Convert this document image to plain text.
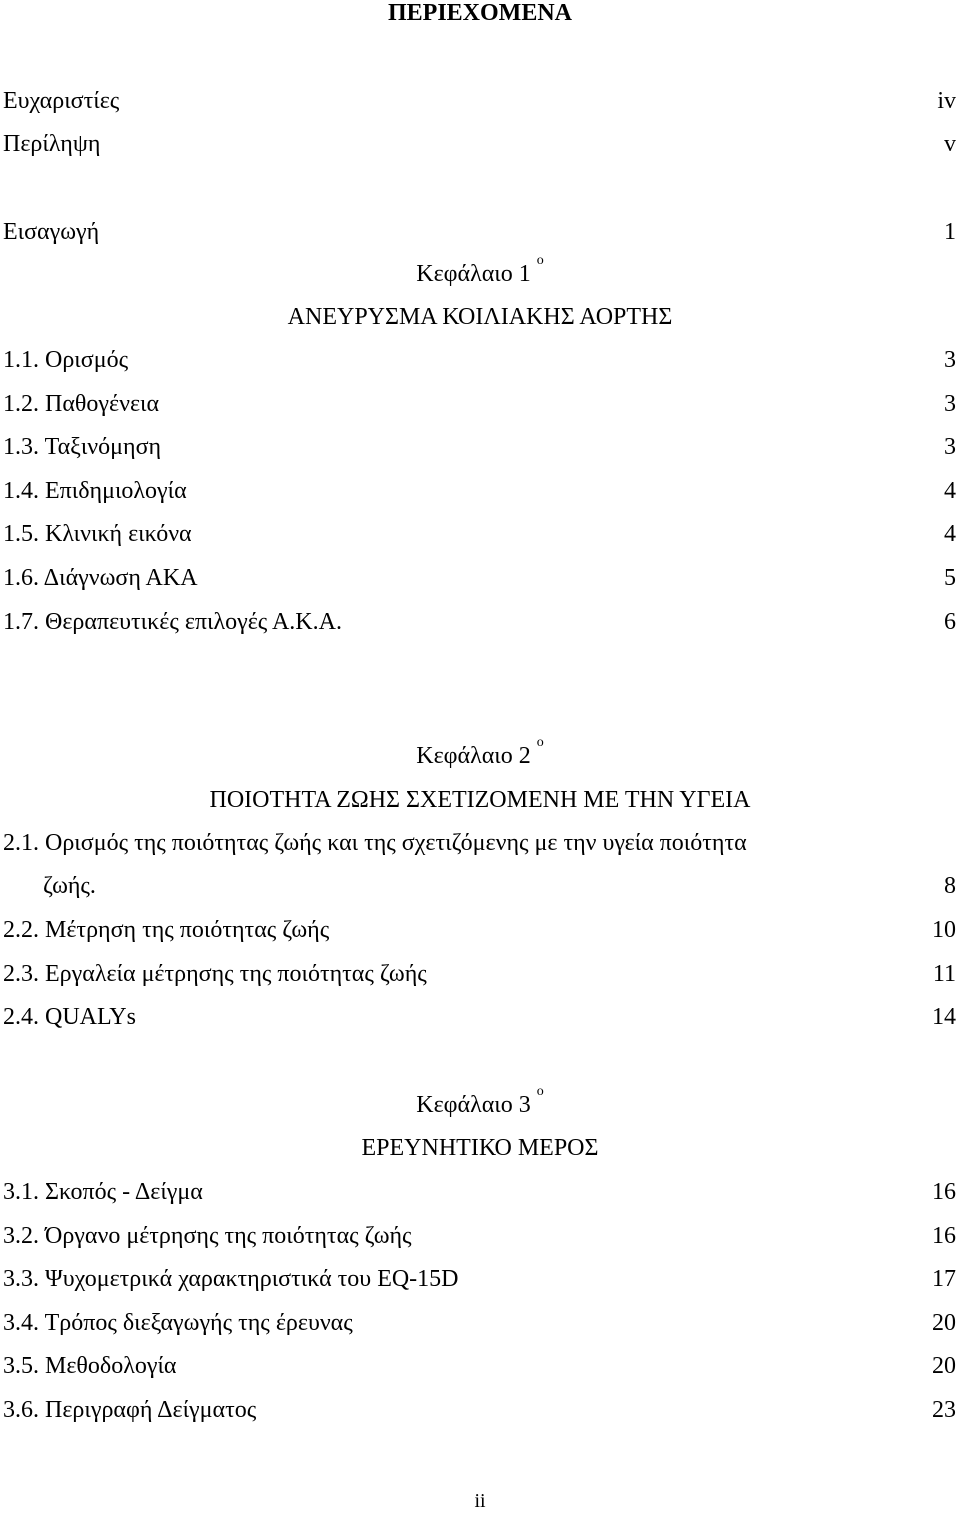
ΠΕΡΙΕΧΟΜΕΝΑ
Ευχαριστίες	iv
Περίληψη	v
Εισαγωγή	1
Κεφάλαιο 1 $^o$
ΑΝΕΥΡΥΣΜΑ ΚΟΙΛΙΑΚΗΣ ΑΟΡΤΗΣ
1.1. Ορισμός	3
1.2. Παθογένεια	3
1.3. Ταξινόμηση	3
1.4. Επιδημιολογία	4
1.5. Κλινική εικόνα	4
1.6. Διάγνωση ΑΚΑ	5
1.7. Θεραπευτικές επιλογές Α.Κ.Α.	6
Κεφάλαιο 2 $^o$
ΠΟΙΟΤΗΤΑ ΖΩΗΣ ΣΧΕΤΙΖΟΜΕΝΗ ΜΕ ΤΗΝ ΥΓΕΙΑ
2.1. Ορισμός της ποιότητας ζωής και της σχετιζόμενης με την υγεία ποιότητα
ζωής.	8
2.2. Μέτρηση της ποιότητας ζωής	10
2.3. Εργαλεία μέτρησης της ποιότητας ζωής	11
2.4. QUALYs	14
Κεφάλαιο 3 $^o$
ΕΡΕΥΝΗΤΙΚΟ ΜΕΡΟΣ
3.1. Σκοπός - Δείγμα	16
3.2. Όργανο μέτρησης της ποιότητας ζωής	16
3.3. Ψυχομετρικά χαρακτηριστικά του EQ-15D	17
3.4. Τρόπος διεξαγωγής της έρευνας	20
3.5. Μεθοδολογία	20
3.6. Περιγραφή Δείγματος	23
ii
